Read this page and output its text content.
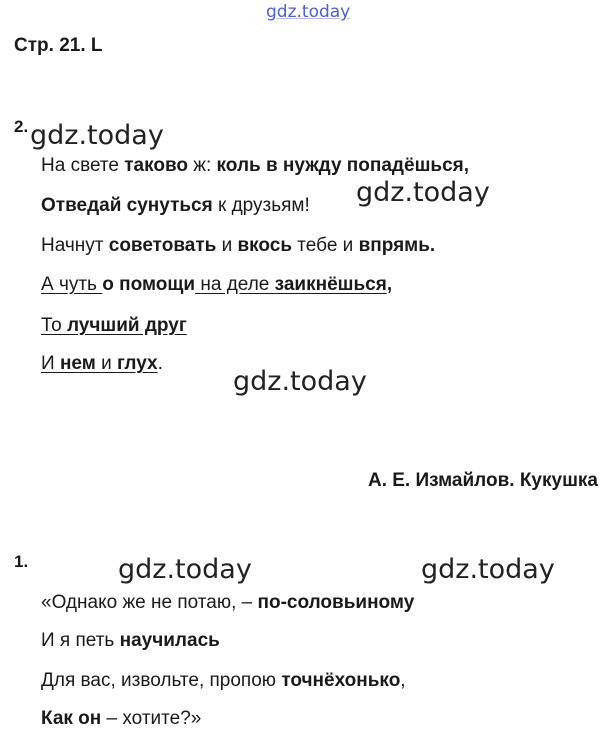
gdz.today
Стр. 21. L
2. gdz.today
На свете таково ж: коль в нужду попадёшься,
gdz.today
Отведай сунуться к друзьям!
Начнут советовать и вкось тебе и впрямь.
А чуть о помощи на деле заикнёшься,
То лучший друг
И нем и глух.
gdz.today
А. Е. Измайлов. Кукушка
1.	gdz.today	gdz.today
«Однако же не потаю, – по-соловьиному
И я петь научилась
Для вас, извольте, пропою точнёхонько,
Как он – хотите?»
